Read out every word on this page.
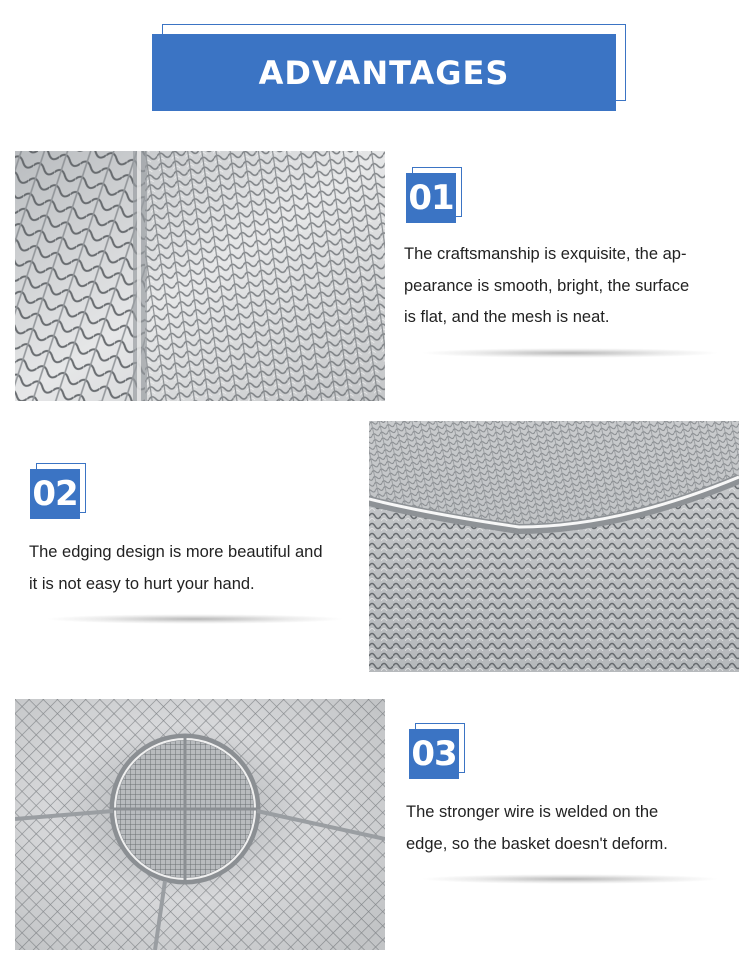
ADVANTAGES
01
The craftsmanship is exquisite, the ap-
pearance is smooth, bright, the surface
is flat, and the mesh is neat.
02
The edging design is more beautiful and
it is not easy to hurt your hand.
03
The stronger wire is welded on the
edge, so the basket doesn't deform.
